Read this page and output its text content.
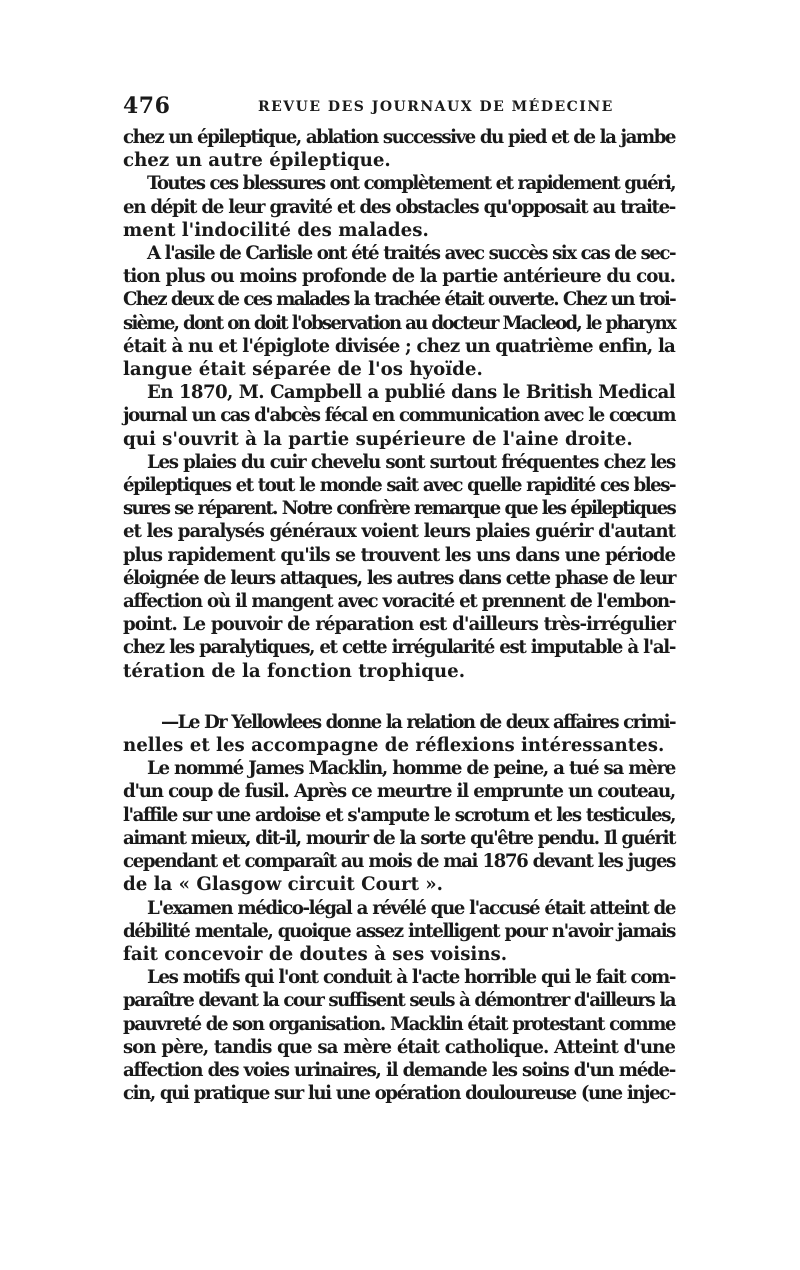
476	REVUE DES JOURNAUX DE MÉDECINE
chez un épileptique, ablation successive du pied et de la jambe
chez un autre épileptique.
Toutes ces blessures ont complètement et rapidement guéri,
en dépit de leur gravité et des obstacles qu'opposait au traite-
ment l'indocilité des malades.
A l'asile de Carlisle ont été traités avec succès six cas de sec-
tion plus ou moins profonde de la partie antérieure du cou.
Chez deux de ces malades la trachée était ouverte. Chez un troi-
sième, dont on doit l'observation au docteur Macleod, le pharynx
était à nu et l'épiglote divisée ; chez un quatrième enfin, la
langue était séparée de l'os hyoïde.
En 1870, M. Campbell a publié dans le British Medical
journal un cas d'abcès fécal en communication avec le cœcum
qui s'ouvrit à la partie supérieure de l'aine droite.
Les plaies du cuir chevelu sont surtout fréquentes chez les
épileptiques et tout le monde sait avec quelle rapidité ces bles-
sures se réparent. Notre confrère remarque que les épileptiques
et les paralysés généraux voient leurs plaies guérir d'autant
plus rapidement qu'ils se trouvent les uns dans une période
éloignée de leurs attaques, les autres dans cette phase de leur
affection où il mangent avec voracité et prennent de l'embon-
point. Le pouvoir de réparation est d'ailleurs très-irrégulier
chez les paralytiques, et cette irrégularité est imputable à l'al-
tération de la fonction trophique.
—Le Dr Yellowlees donne la relation de deux affaires crimi-
nelles et les accompagne de réflexions intéressantes.
Le nommé James Macklin, homme de peine, a tué sa mère
d'un coup de fusil. Après ce meurtre il emprunte un couteau,
l'affile sur une ardoise et s'ampute le scrotum et les testicules,
aimant mieux, dit-il, mourir de la sorte qu'être pendu. Il guérit
cependant et comparaît au mois de mai 1876 devant les juges
de la « Glasgow circuit Court ».
L'examen médico-légal a révélé que l'accusé était atteint de
débilité mentale, quoique assez intelligent pour n'avoir jamais
fait concevoir de doutes à ses voisins.
Les motifs qui l'ont conduit à l'acte horrible qui le fait com-
paraître devant la cour suffisent seuls à démontrer d'ailleurs la
pauvreté de son organisation. Macklin était protestant comme
son père, tandis que sa mère était catholique. Atteint d'une
affection des voies urinaires, il demande les soins d'un méde-
cin, qui pratique sur lui une opération douloureuse (une injec-
